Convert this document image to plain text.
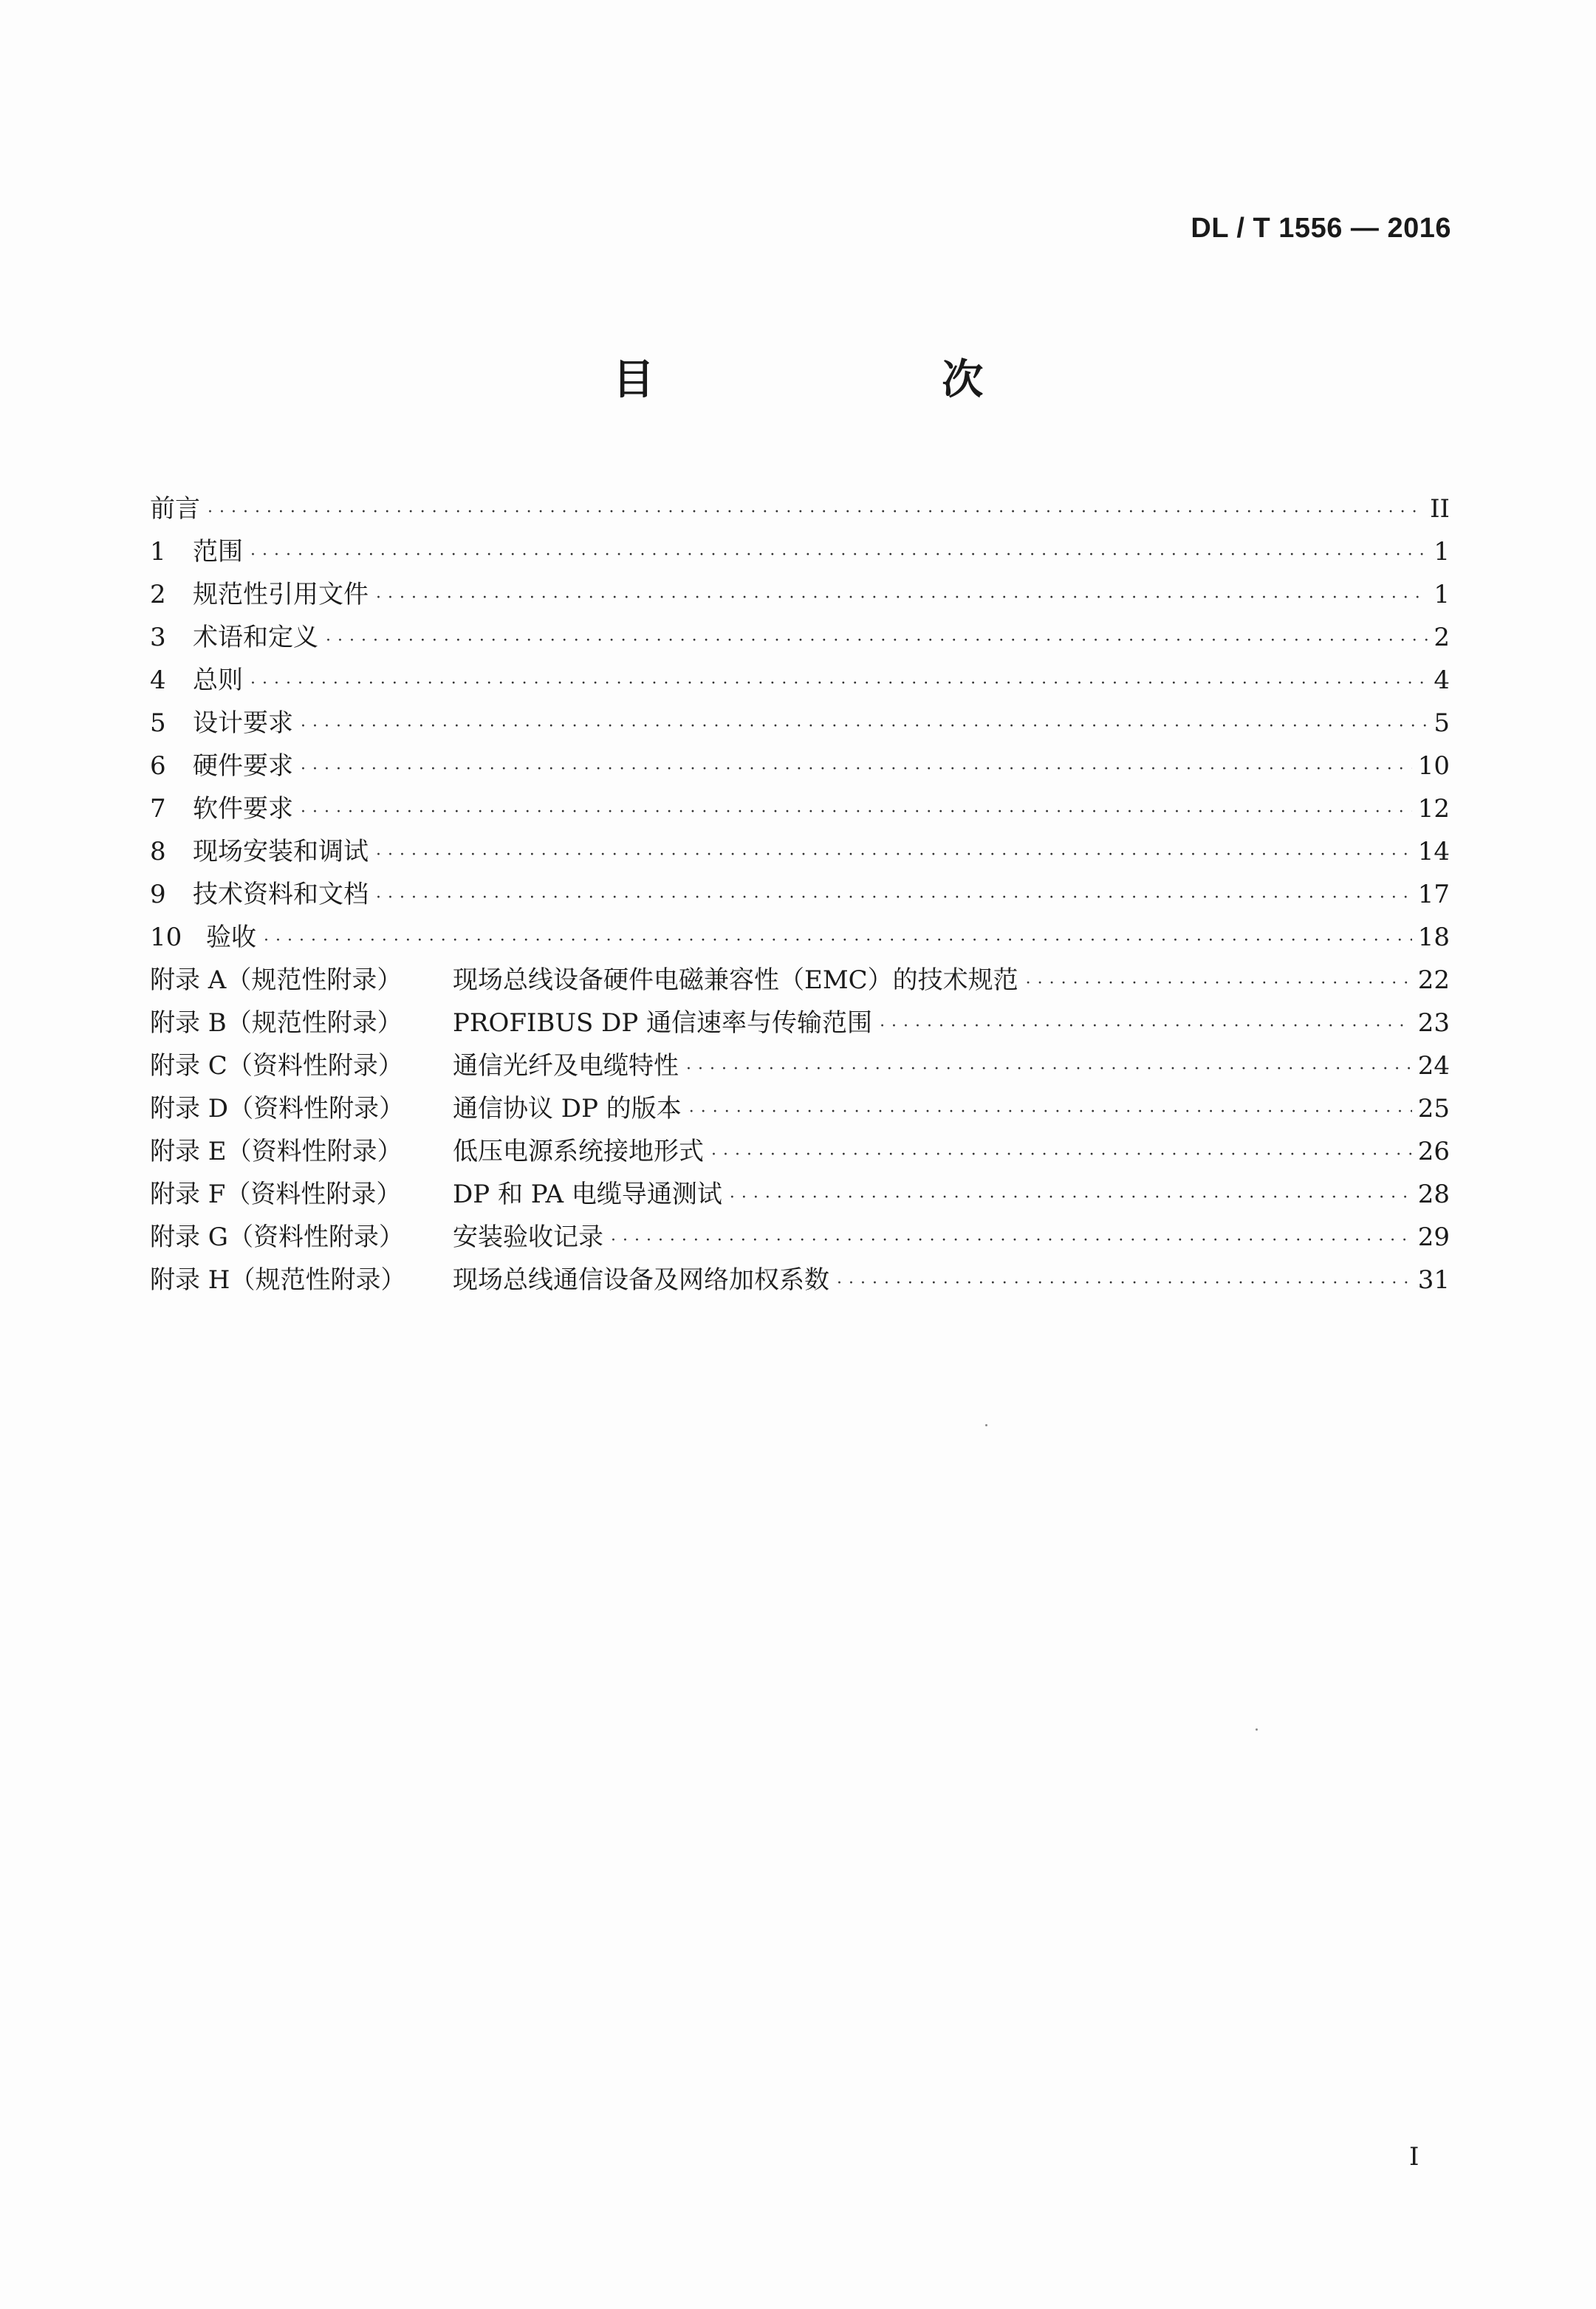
DL / T 1556 — 2016
目 次
前言 · · ·	II
1	范围 · · ·	1
2	规范性引用文件 · · ·	1
3	术语和定义 · · ·	2
4	总则 · · ·	4
5	设计要求 · · ·	5
6	硬件要求 · · ·	10
7	软件要求 · · ·	12
8	现场安装和调试 · · ·	14
9	技术资料和文档 · · ·	17
10 验收 · · ·	18
附录 A（规范性附录）	现场总线设备硬件电磁兼容性（EMC）的技术规范 · · ·	22
附录 B（规范性附录）	PROFIBUS DP 通信速率与传输范围 · · ·	23
附录 C（资料性附录）	通信光纤及电缆特性 · · ·	24
附录 D（资料性附录）	通信协议 DP 的版本 · · ·	25
附录 E（资料性附录）	低压电源系统接地形式 · · ·	26
附录 F（资料性附录）	DP 和 PA 电缆导通测试 · · ·	28
附录 G（资料性附录）	安装验收记录 · · ·	29
附录 H（规范性附录）	现场总线通信设备及网络加权系数 · · ·	31
I
